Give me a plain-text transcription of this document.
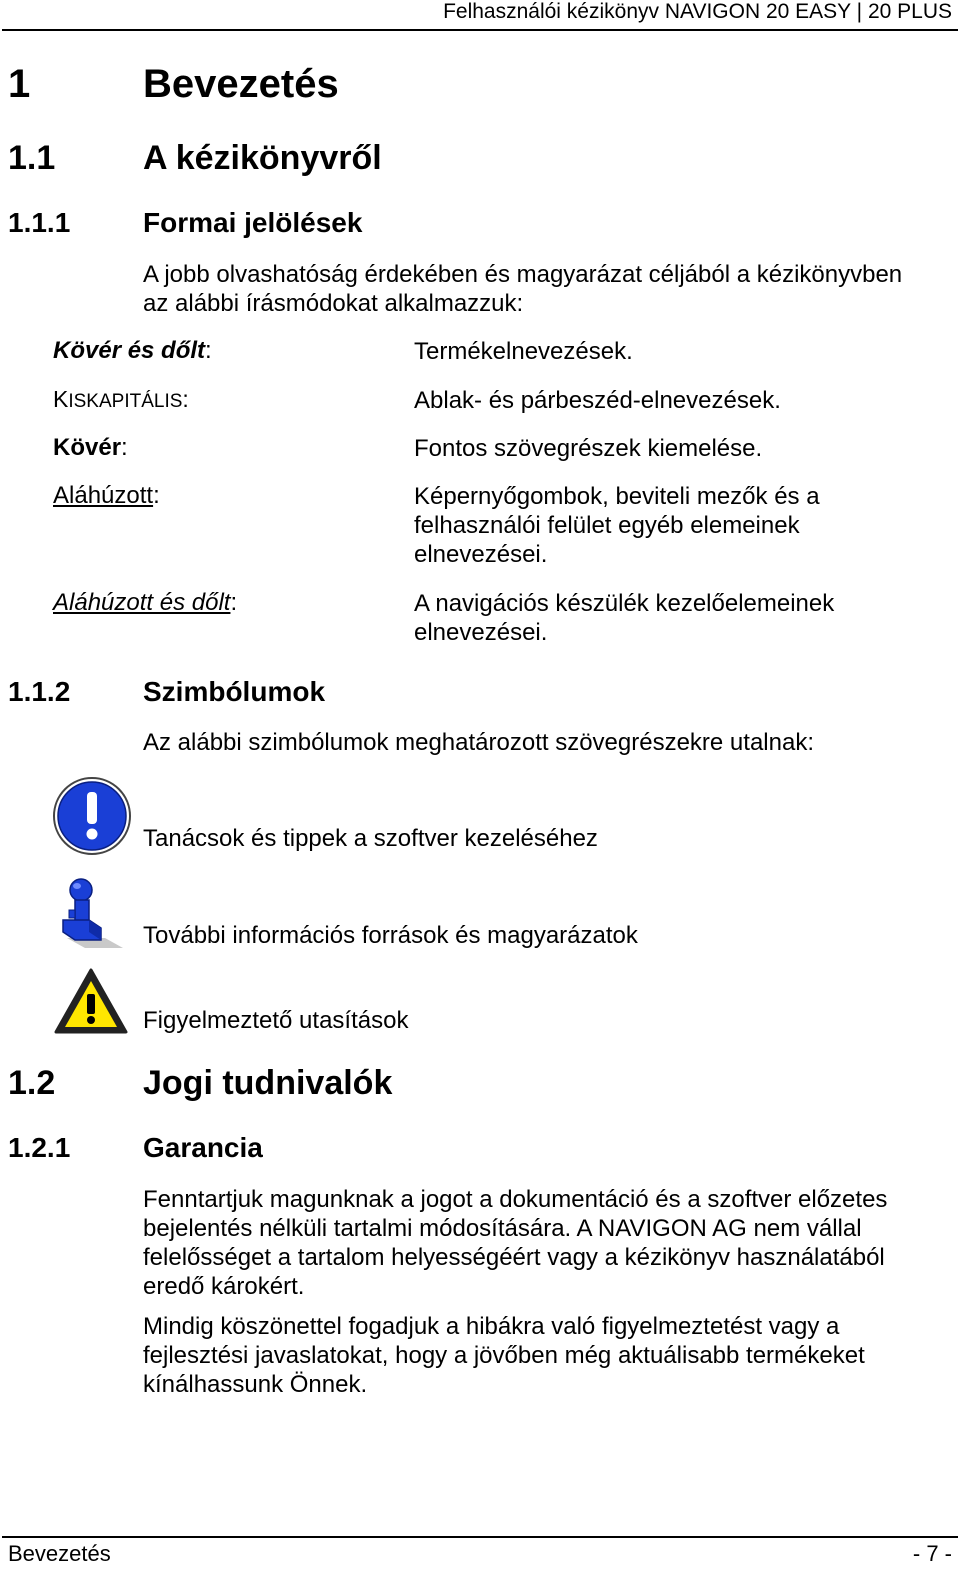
Felhasználói kézikönyv NAVIGON 20 EASY | 20 PLUS
1	Bevezetés
1.1	A kézikönyvről
1.1.1	Formai jelölések
A jobb olvashatóság érdekében és magyarázat céljából a kézikönyvben
az alábbi írásmódokat alkalmazzuk:
Kövér és dőlt:	Termékelnevezések.
KISKAPITÁLIS:	Ablak- és párbeszéd-elnevezések.
Kövér:	Fontos szövegrészek kiemelése.
Aláhúzott:	Képernyőgombok, beviteli mezők és a
felhasználói felület egyéb elemeinek
elnevezései.
Aláhúzott és dőlt:	A navigációs készülék kezelőelemeinek
elnevezései.
1.1.2	Szimbólumok
Az alábbi szimbólumok meghatározott szövegrészekre utalnak:
Tanácsok és tippek a szoftver kezeléséhez
További információs források és magyarázatok
Figyelmeztető utasítások
1.2	Jogi tudnivalók
1.2.1	Garancia
Fenntartjuk magunknak a jogot a dokumentáció és a szoftver előzetes
bejelentés nélküli tartalmi módosítására. A NAVIGON AG nem vállal
felelősséget a tartalom helyességéért vagy a kézikönyv használatából
eredő károkért.
Mindig köszönettel fogadjuk a hibákra való figyelmeztetést vagy a
fejlesztési javaslatokat, hogy a jövőben még aktuálisabb termékeket
kínálhassunk Önnek.
Bevezetés	- 7 -
